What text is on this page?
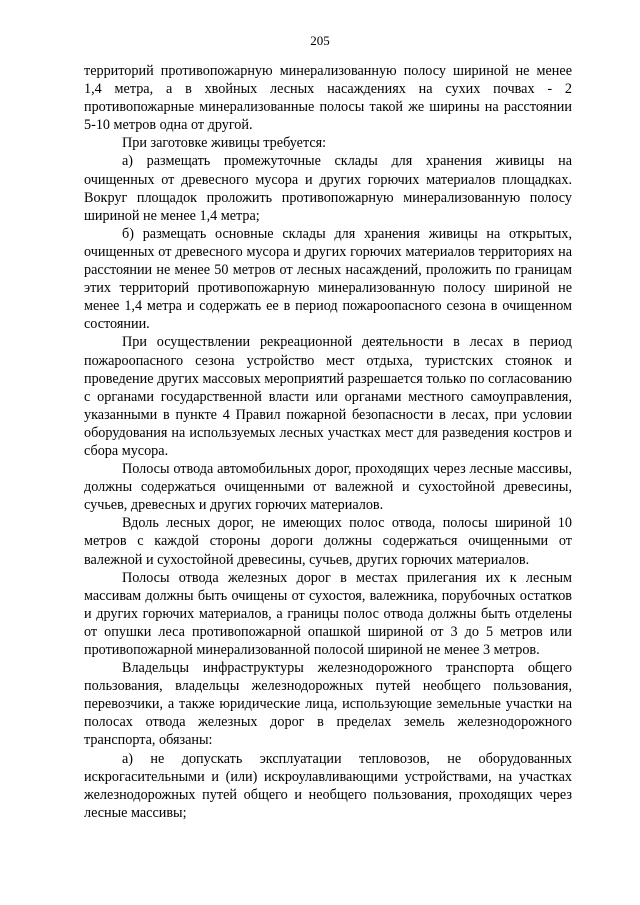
205

территорий противопожарную минерализованную полосу шириной не менее 1,4 метра, а в хвойных лесных насаждениях на сухих почвах - 2 противопожарные минерализованные полосы такой же ширины на расстоянии 5-10 метров одна от другой.

При заготовке живицы требуется:

а) размещать промежуточные склады для хранения живицы на очищенных от древесного мусора и других горючих материалов площадках. Вокруг площадок проложить противопожарную минерализованную полосу шириной не менее 1,4 метра;

б) размещать основные склады для хранения живицы на открытых, очищенных от древесного мусора и других горючих материалов территориях на расстоянии не менее 50 метров от лесных насаждений, проложить по границам этих территорий противопожарную минерализованную полосу шириной не менее 1,4 метра и содержать ее в период пожароопасного сезона в очищенном состоянии.

При осуществлении рекреационной деятельности в лесах в период пожароопасного сезона устройство мест отдыха, туристских стоянок и проведение других массовых мероприятий разрешается только по согласованию с органами государственной власти или органами местного самоуправления, указанными в пункте 4 Правил пожарной безопасности в лесах, при условии оборудования на используемых лесных участках мест для разведения костров и сбора мусора.

Полосы отвода автомобильных дорог, проходящих через лесные массивы, должны содержаться очищенными от валежной и сухостойной древесины, сучьев, древесных и других горючих материалов.

Вдоль лесных дорог, не имеющих полос отвода, полосы шириной 10 метров с каждой стороны дороги должны содержаться очищенными от валежной и сухостойной древесины, сучьев, других горючих материалов.

Полосы отвода железных дорог в местах прилегания их к лесным массивам должны быть очищены от сухостоя, валежника, порубочных остатков и других горючих материалов, а границы полос отвода должны быть отделены от опушки леса противопожарной опашкой шириной от 3 до 5 метров или противопожарной минерализованной полосой шириной не менее 3 метров.

Владельцы инфраструктуры железнодорожного транспорта общего пользования, владельцы железнодорожных путей необщего пользования, перевозчики, а также юридические лица, использующие земельные участки на полосах отвода железных дорог в пределах земель железнодорожного транспорта, обязаны:

а) не допускать эксплуатации тепловозов, не оборудованных искрогасительными и (или) искроулавливающими устройствами, на участках железнодорожных путей общего и необщего пользования, проходящих через лесные массивы;
